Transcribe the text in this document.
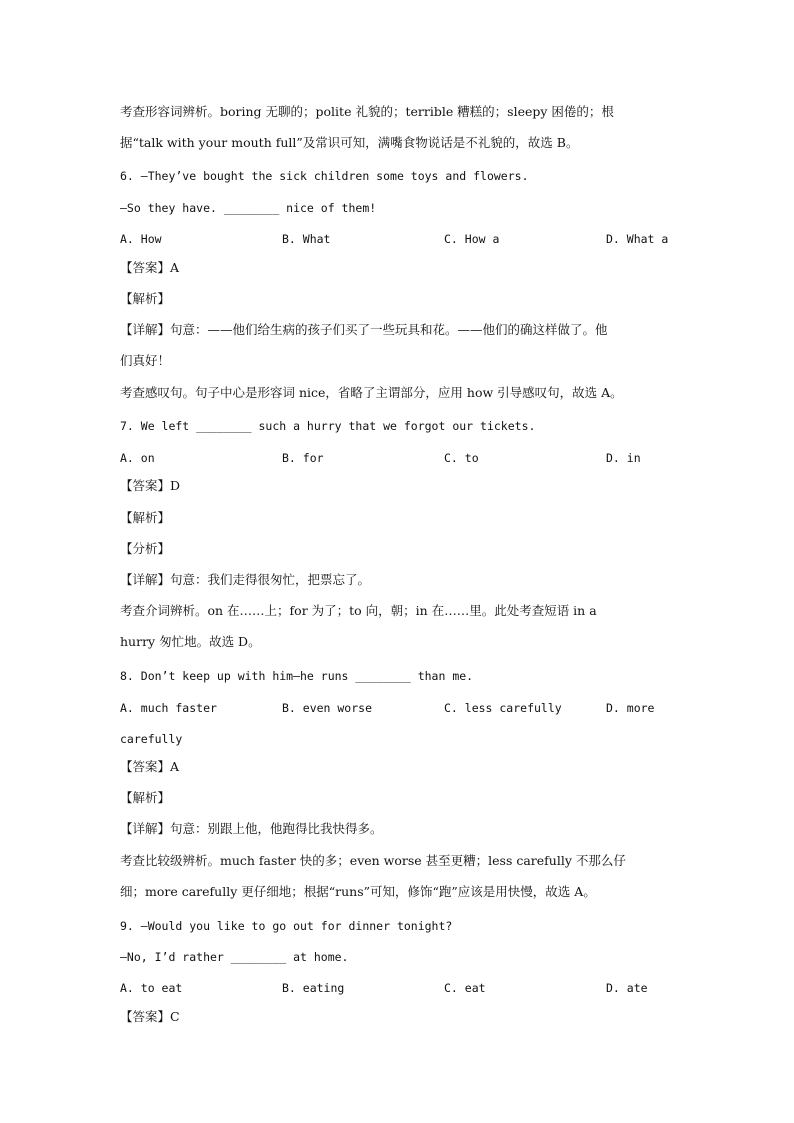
考查形容词辨析。boring 无聊的；polite 礼貌的；terrible 糟糕的；sleepy 困倦的；根
据“talk with your mouth full”及常识可知，满嘴食物说话是不礼貌的，故选 B。
6. —They’ve bought the sick children some toys and flowers.
—So they have. ________ nice of them!
A. How	B. What	C. How a	D. What a
【答案】A
【解析】
【详解】句意：——他们给生病的孩子们买了一些玩具和花。——他们的确这样做了。他
们真好！
考查感叹句。句子中心是形容词 nice，省略了主谓部分，应用 how 引导感叹句，故选 A。
7. We left ________ such a hurry that we forgot our tickets.
A. on	B. for	C. to	D. in
【答案】D
【解析】
【分析】
【详解】句意：我们走得很匆忙，把票忘了。
考查介词辨析。on 在……上；for 为了；to 向，朝；in 在……里。此处考查短语 in a
hurry 匆忙地。故选 D。
8. Don’t keep up with him—he runs ________ than me.
A. much faster	B. even worse	C. less carefully	D. more
carefully
【答案】A
【解析】
【详解】句意：别跟上他，他跑得比我快得多。
考查比较级辨析。much faster 快的多；even worse 甚至更糟；less carefully 不那么仔
细；more carefully 更仔细地；根据“runs”可知，修饰“跑”应该是用快慢，故选 A。
9. —Would you like to go out for dinner tonight?
—No, I’d rather ________ at home.
A. to eat	B. eating	C. eat	D. ate
【答案】C
